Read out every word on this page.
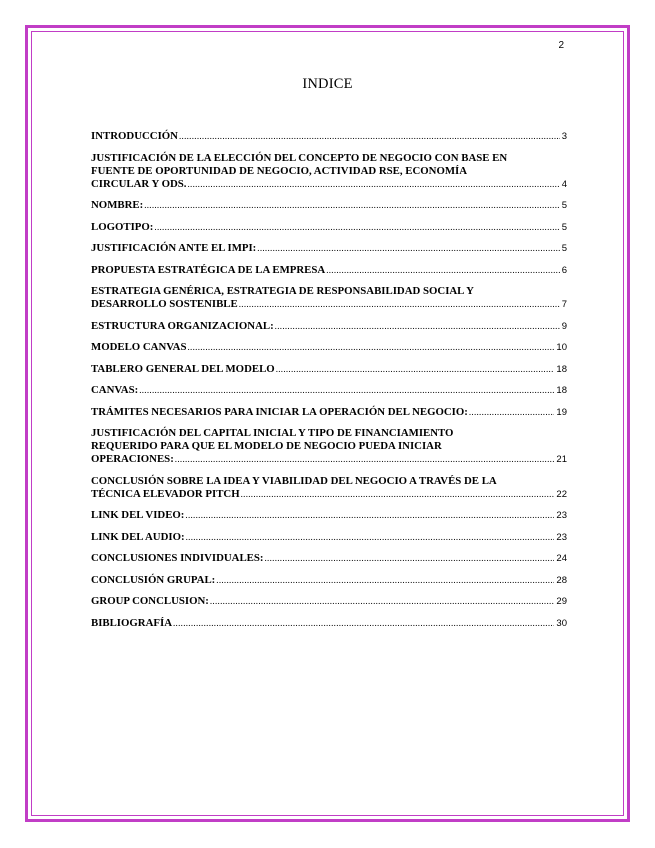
2
INDICE
INTRODUCCIÓN .....	3
JUSTIFICACIÓN DE LA ELECCIÓN DEL CONCEPTO DE NEGOCIO CON BASE EN
FUENTE DE OPORTUNIDAD DE NEGOCIO, ACTIVIDAD RSE, ECONOMÍA
CIRCULAR Y ODS. .....	4
NOMBRE: .....	5
LOGOTIPO: .....	5
JUSTIFICACIÓN ANTE EL IMPI: .....	5
PROPUESTA ESTRATÉGICA DE LA EMPRESA .....	6
ESTRATEGIA GENÉRICA, ESTRATEGIA DE RESPONSABILIDAD SOCIAL Y
DESARROLLO SOSTENIBLE .....	7
ESTRUCTURA ORGANIZACIONAL: .....	9
MODELO CANVAS .....	10
TABLERO GENERAL DEL MODELO .....	18
CANVAS: .....	18
TRÁMITES NECESARIOS PARA INICIAR LA OPERACIÓN DEL NEGOCIO: .....	19
JUSTIFICACIÓN DEL CAPITAL INICIAL Y TIPO DE FINANCIAMIENTO
REQUERIDO PARA QUE EL MODELO DE NEGOCIO PUEDA INICIAR
OPERACIONES: .....	21
CONCLUSIÓN SOBRE LA IDEA Y VIABILIDAD DEL NEGOCIO A TRAVÉS DE LA
TÉCNICA ELEVADOR PITCH .....	22
LINK DEL VIDEO: .....	23
LINK DEL AUDIO: .....	23
CONCLUSIONES INDIVIDUALES: .....	24
CONCLUSIÓN GRUPAL: .....	28
GROUP CONCLUSION: .....	29
BIBLIOGRAFÍA .....	30
